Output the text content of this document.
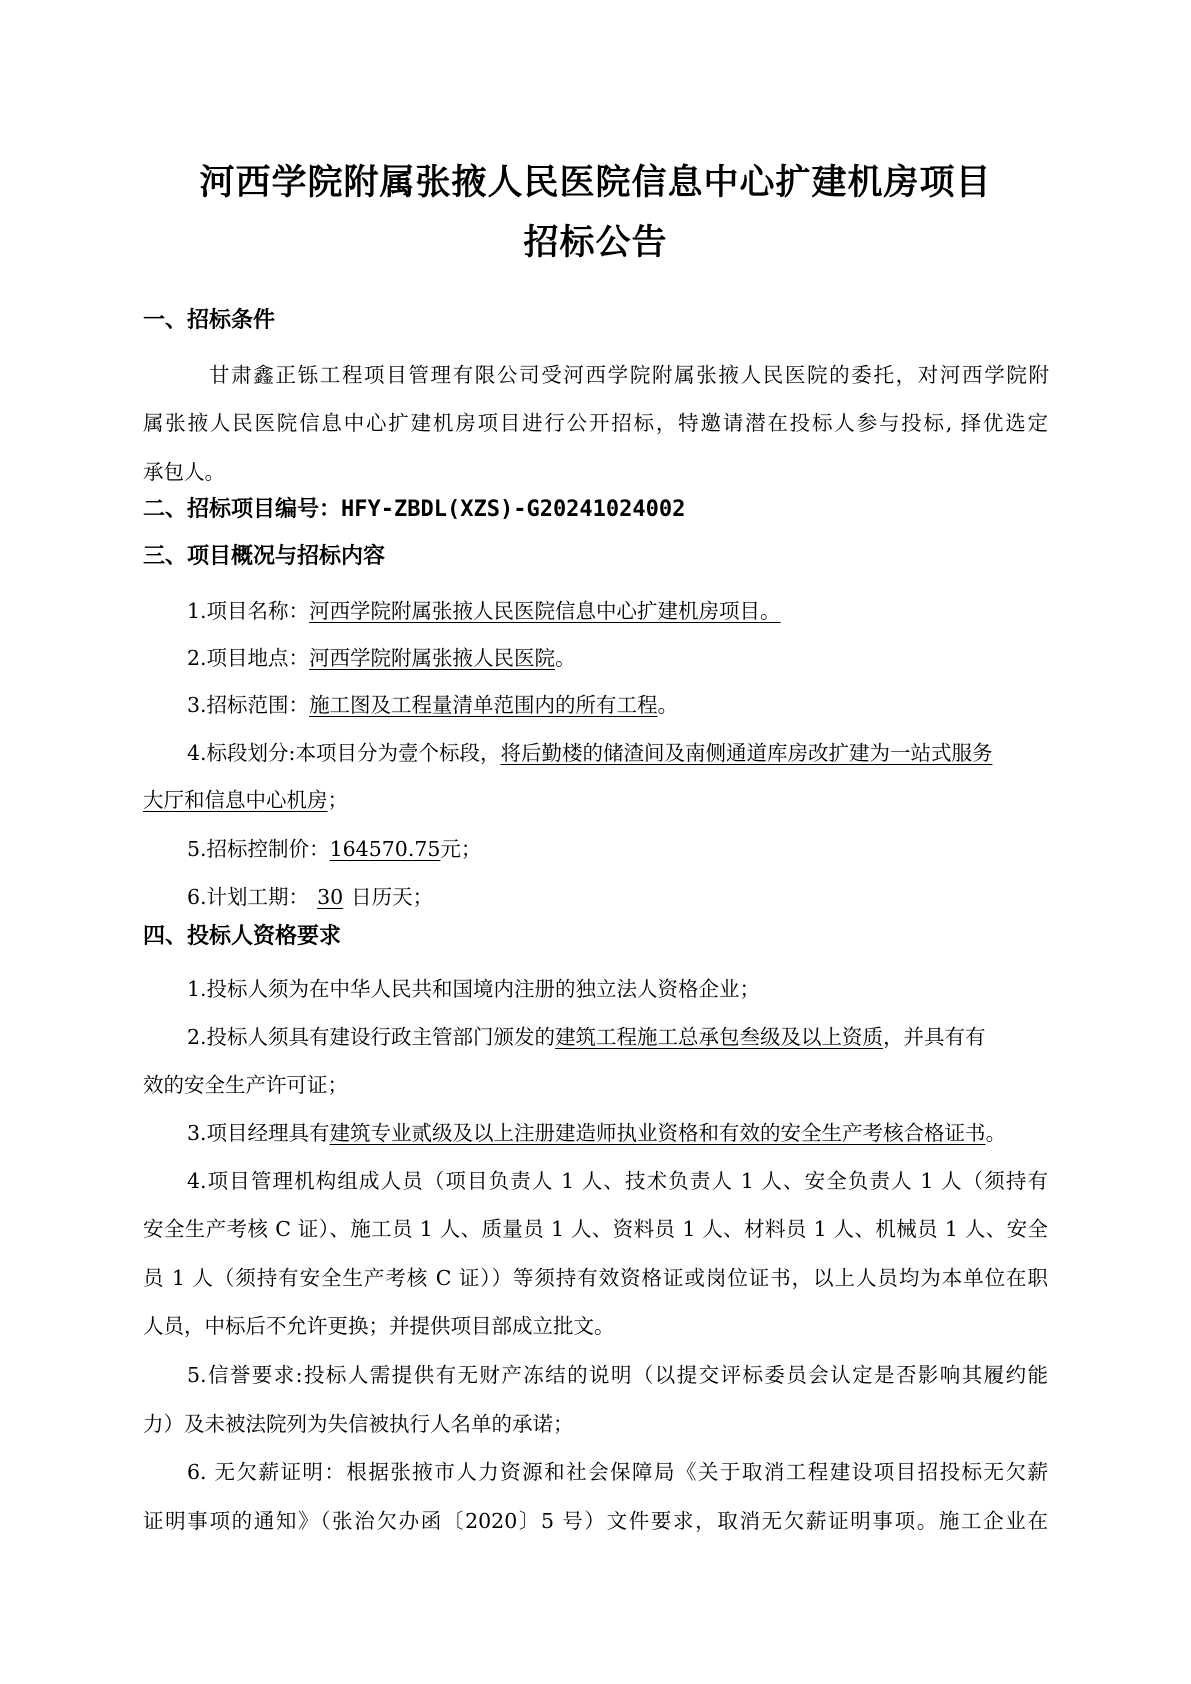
河西学院附属张掖人民医院信息中心扩建机房项目
招标公告
一、招标条件
甘肃鑫正铄工程项目管理有限公司受河西学院附属张掖人民医院的委托，对河西学院附
属张掖人民医院信息中心扩建机房项目进行公开招标，特邀请潜在投标人参与投标, 择优选定
承包人。
二、招标项目编号：HFY-ZBDL(XZS)-G20241024002
三、项目概况与招标内容
1.项目名称：河西学院附属张掖人民医院信息中心扩建机房项目。
2.项目地点：河西学院附属张掖人民医院。
3.招标范围：施工图及工程量清单范围内的所有工程。
4.标段划分:本项目分为壹个标段，将后勤楼的储渣间及南侧通道库房改扩建为一站式服务
大厅和信息中心机房；
5.招标控制价：164570.75元；
6.计划工期： 30 日历天；
四、投标人资格要求
1.投标人须为在中华人民共和国境内注册的独立法人资格企业；
2.投标人须具有建设行政主管部门颁发的建筑工程施工总承包叁级及以上资质，并具有有
效的安全生产许可证；
3.项目经理具有建筑专业贰级及以上注册建造师执业资格和有效的安全生产考核合格证书。
4.项目管理机构组成人员（项目负责人 1 人、技术负责人 1 人、安全负责人 1 人（须持有
安全生产考核 C 证）、施工员 1 人、质量员 1 人、资料员 1 人、材料员 1 人、机械员 1 人、安全
员 1 人（须持有安全生产考核 C 证））等须持有效资格证或岗位证书，以上人员均为本单位在职
人员，中标后不允许更换；并提供项目部成立批文。
5.信誉要求:投标人需提供有无财产冻结的说明（以提交评标委员会认定是否影响其履约能
力）及未被法院列为失信被执行人名单的承诺；
6. 无欠薪证明：根据张掖市人力资源和社会保障局《关于取消工程建设项目招投标无欠薪
证明事项的通知》（张治欠办函〔2020〕5 号）文件要求，取消无欠薪证明事项。施工企业在
